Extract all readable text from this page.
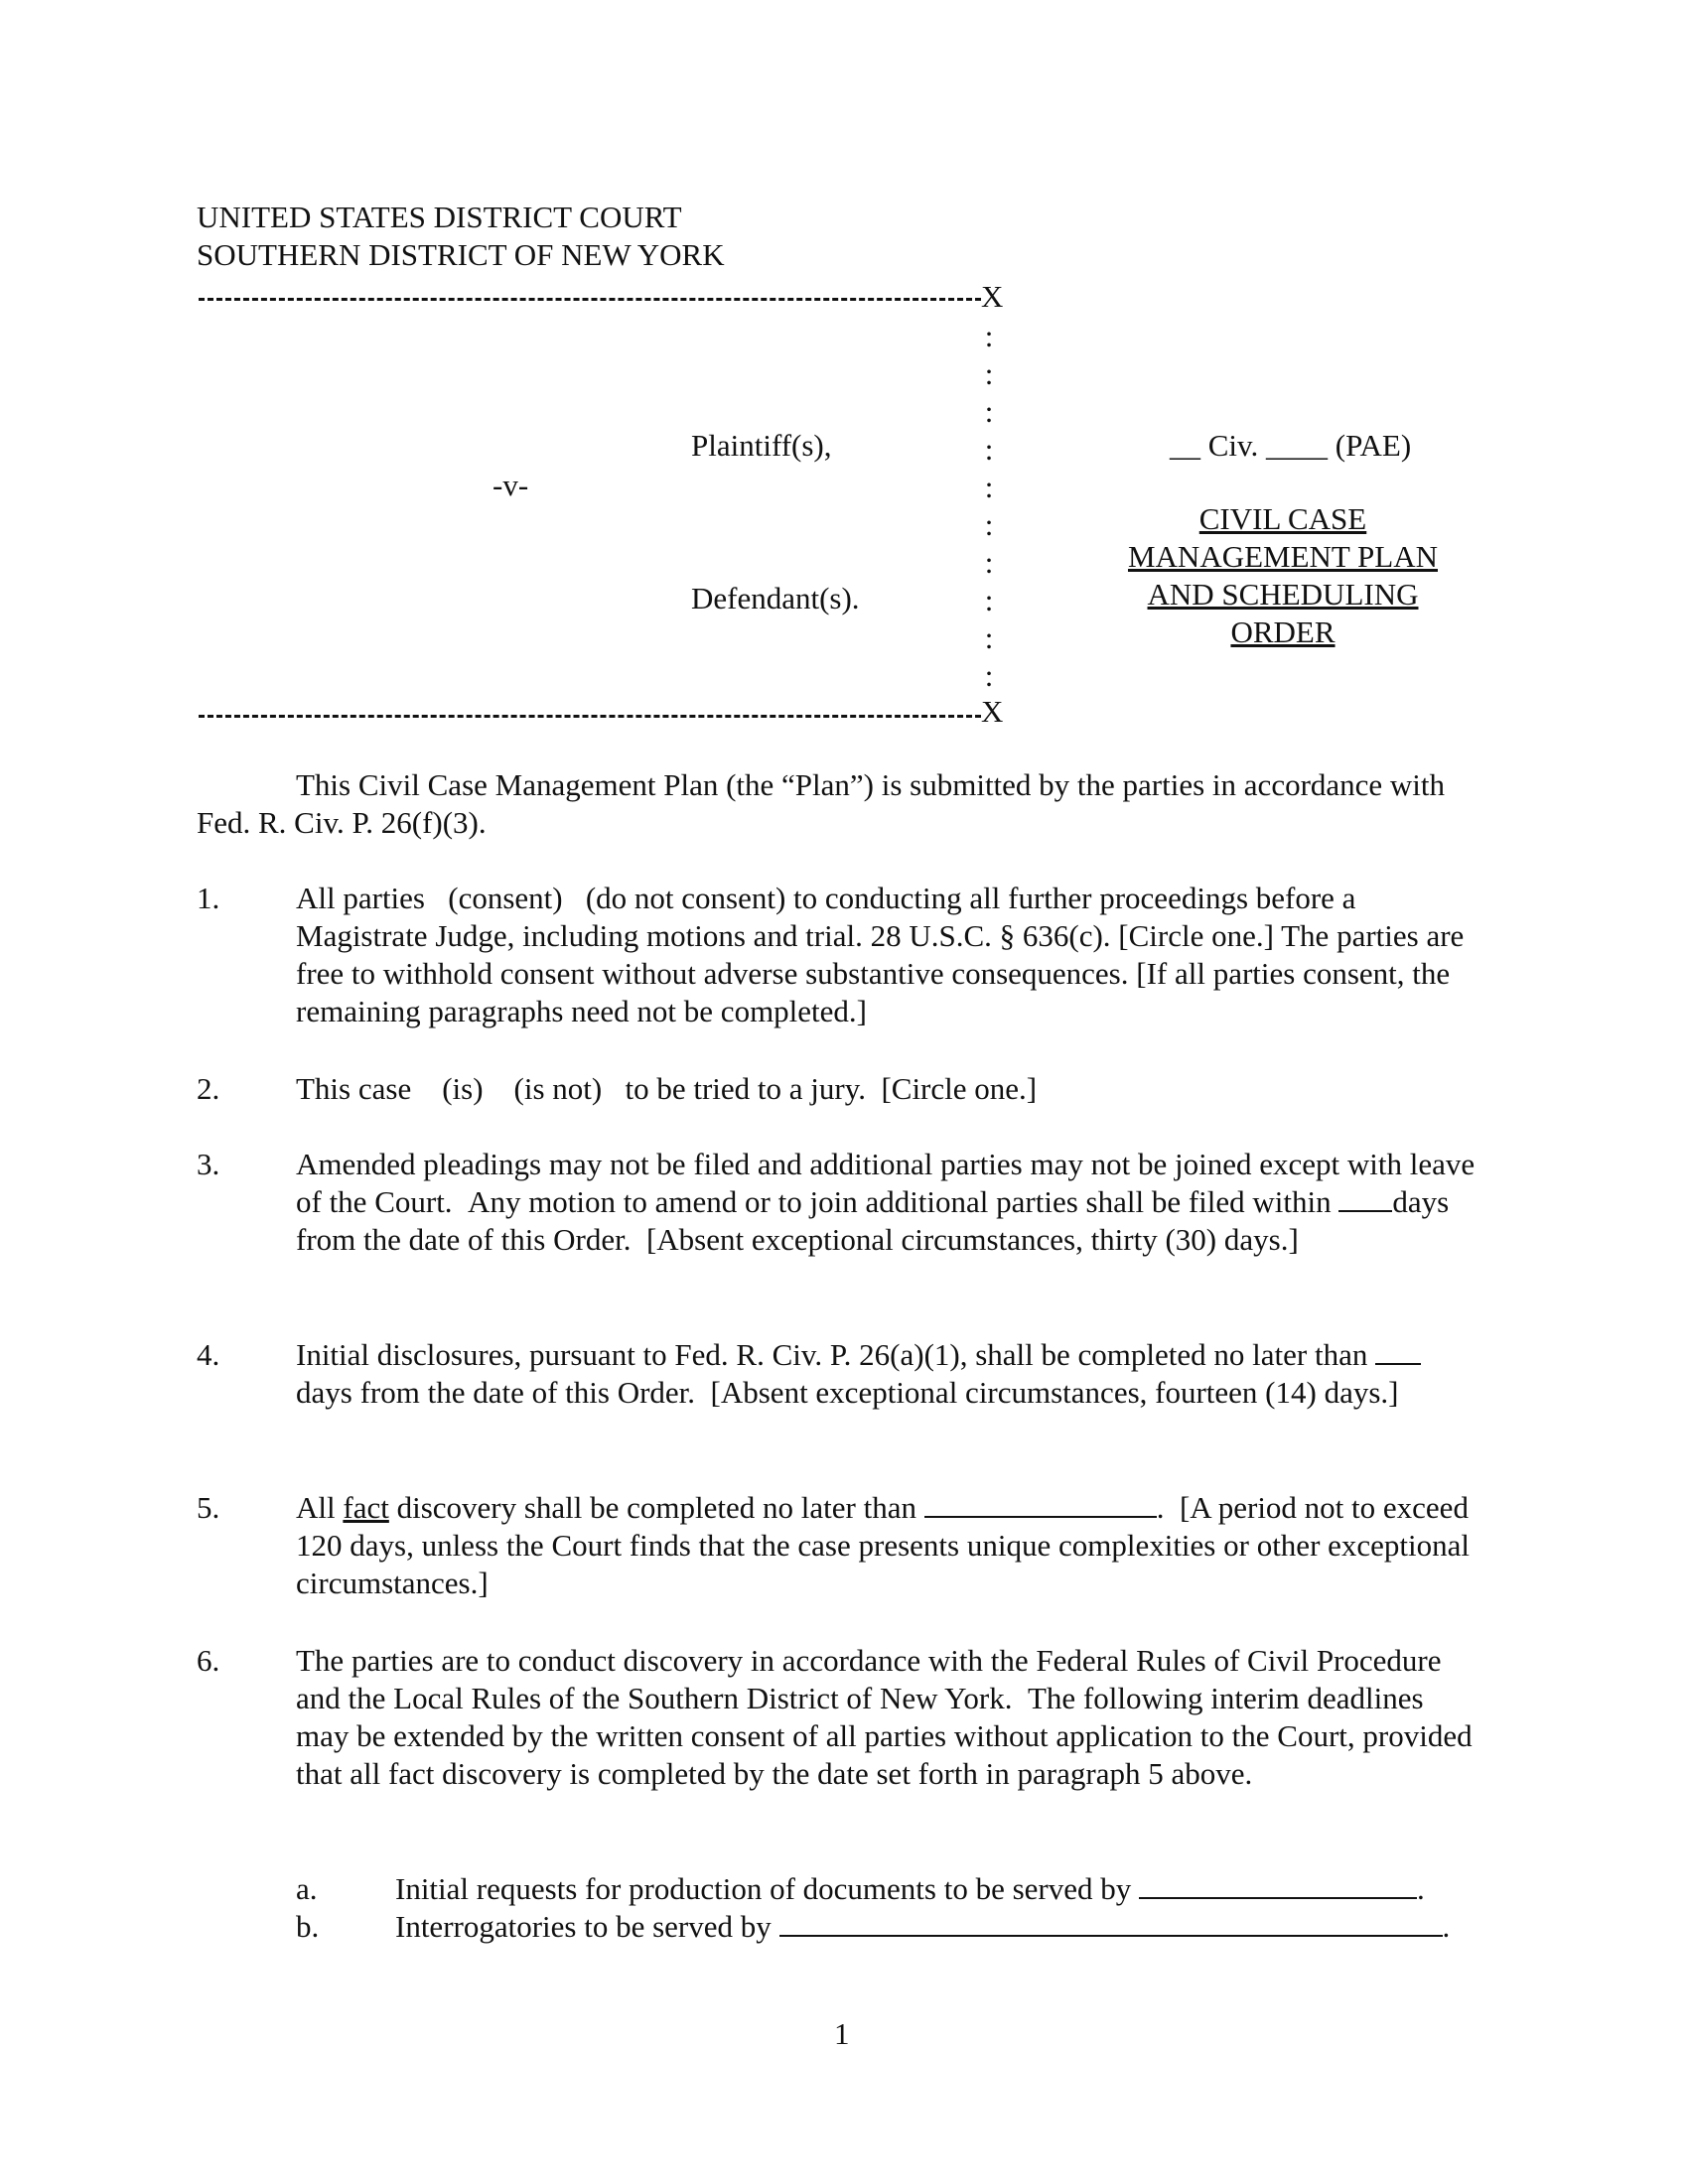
UNITED STATES DISTRICT COURT
SOUTHERN DISTRICT OF NEW YORK
X
:
:
:
:
:
:
:
:
:
:
Plaintiff(s),
-v-
Defendant(s).
__ Civ. ____ (PAE)
CIVIL CASE
MANAGEMENT PLAN
AND SCHEDULING
ORDER
X
This Civil Case Management Plan (the “Plan”) is submitted by the parties in accordance with Fed. R. Civ. P. 26(f)(3).
1. All parties   (consent)   (do not consent) to conducting all further proceedings before a Magistrate Judge, including motions and trial. 28 U.S.C. § 636(c). [Circle one.] The parties are free to withhold consent without adverse substantive consequences. [If all parties consent, the remaining paragraphs need not be completed.]
2. This case    (is)    (is not)   to be tried to a jury.  [Circle one.]
3. Amended pleadings may not be filed and additional parties may not be joined except with leave of the Court.  Any motion to amend or to join additional parties shall be filed within days from the date of this Order.  [Absent exceptional circumstances, thirty (30) days.]
4. Initial disclosures, pursuant to Fed. R. Civ. P. 26(a)(1), shall be completed no later than  days from the date of this Order.  [Absent exceptional circumstances, fourteen (14) days.]
5. All fact discovery shall be completed no later than	.  [A period not to exceed 120 days, unless the Court finds that the case presents unique complexities or other exceptional circumstances.]
6. The parties are to conduct discovery in accordance with the Federal Rules of Civil Procedure and the Local Rules of the Southern District of New York.  The following interim deadlines may be extended by the written consent of all parties without application to the Court, provided that all fact discovery is completed by the date set forth in paragraph 5 above.
a.	Initial requests for production of documents to be served by	.
b. Interrogatories to be served by	.
1
